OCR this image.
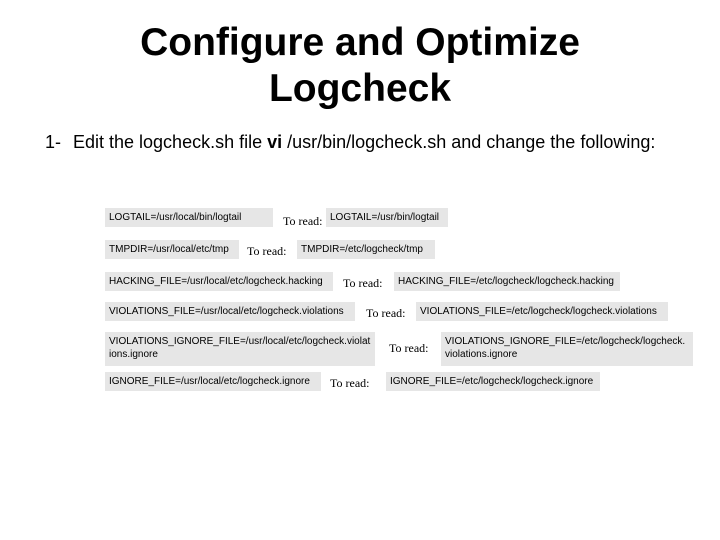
Configure and Optimize
Logcheck
1- Edit the logcheck.sh file vi /usr/bin/logcheck.sh and change the following:
LOGTAIL=/usr/local/bin/logtail	To read: LOGTAIL=/usr/bin/logtail
TMPDIR=/usr/local/etc/tmp	To read:	TMPDIR=/etc/logcheck/tmp
HACKING_FILE=/usr/local/etc/logcheck.hacking	To read:	HACKING_FILE=/etc/logcheck/logcheck.hacking
VIOLATIONS_FILE=/usr/local/etc/logcheck.violations	To read:	VIOLATIONS_FILE=/etc/logcheck/logcheck.violations
VIOLATIONS_IGNORE_FILE=/usr/local/etc/logcheck.violations.ignore	To read:	VIOLATIONS_IGNORE_FILE=/etc/logcheck/logcheck.violations.ignore
IGNORE_FILE=/usr/local/etc/logcheck.ignore	To read:	IGNORE_FILE=/etc/logcheck/logcheck.ignore
